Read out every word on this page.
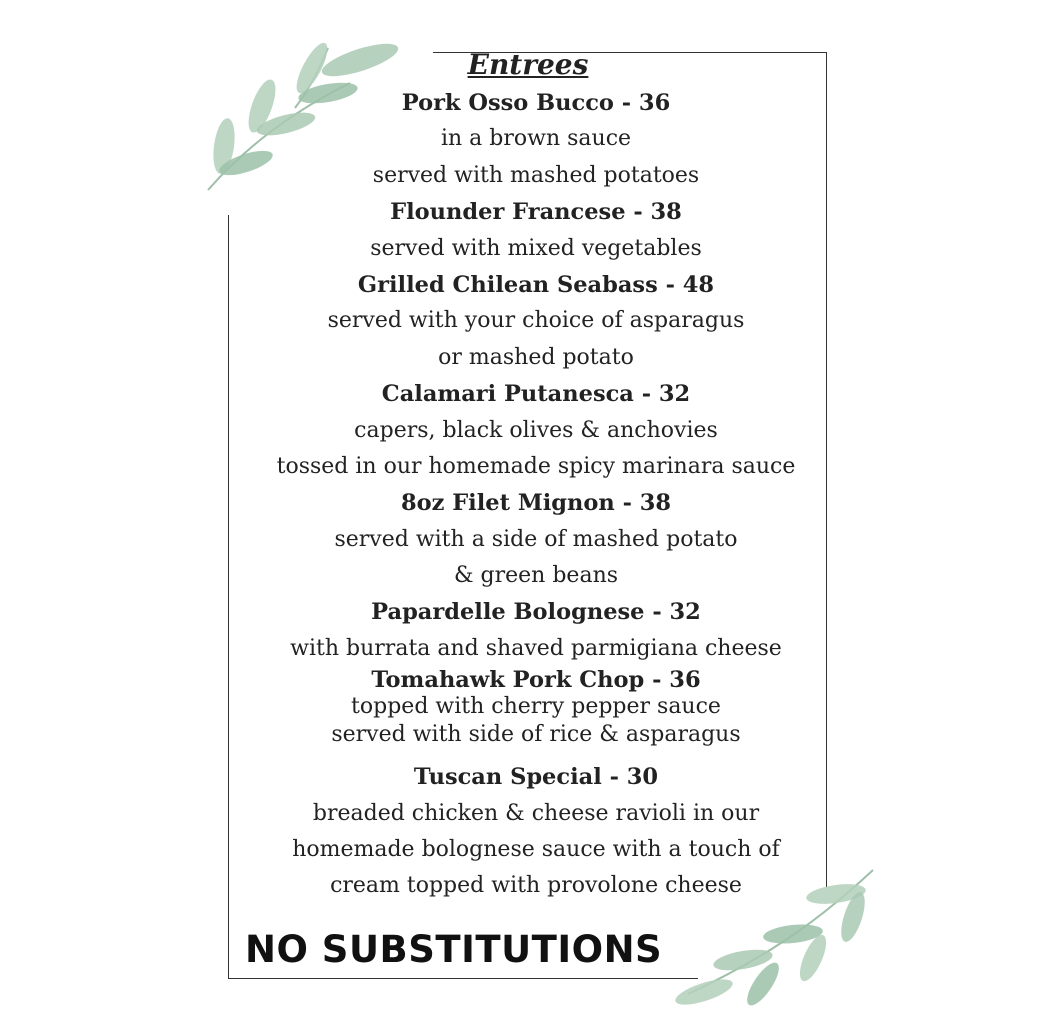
Entrees
Pork Osso Bucco - 36
in a brown sauce
served with mashed potatoes
Flounder Francese - 38
served with mixed vegetables
Grilled Chilean Seabass - 48
served with your choice of asparagus
or mashed potato
Calamari Putanesca - 32
capers, black olives & anchovies
tossed in our homemade spicy marinara sauce
8oz Filet Mignon - 38
served with a side of mashed potato
& green beans
Papardelle Bolognese - 32
with burrata and shaved parmigiana cheese
Tomahawk Pork Chop - 36
topped with cherry pepper sauce
served with side of rice & asparagus
Tuscan Special - 30
breaded chicken & cheese ravioli in our
homemade bolognese sauce with a touch of
cream topped with provolone cheese
NO SUBSTITUTIONS
